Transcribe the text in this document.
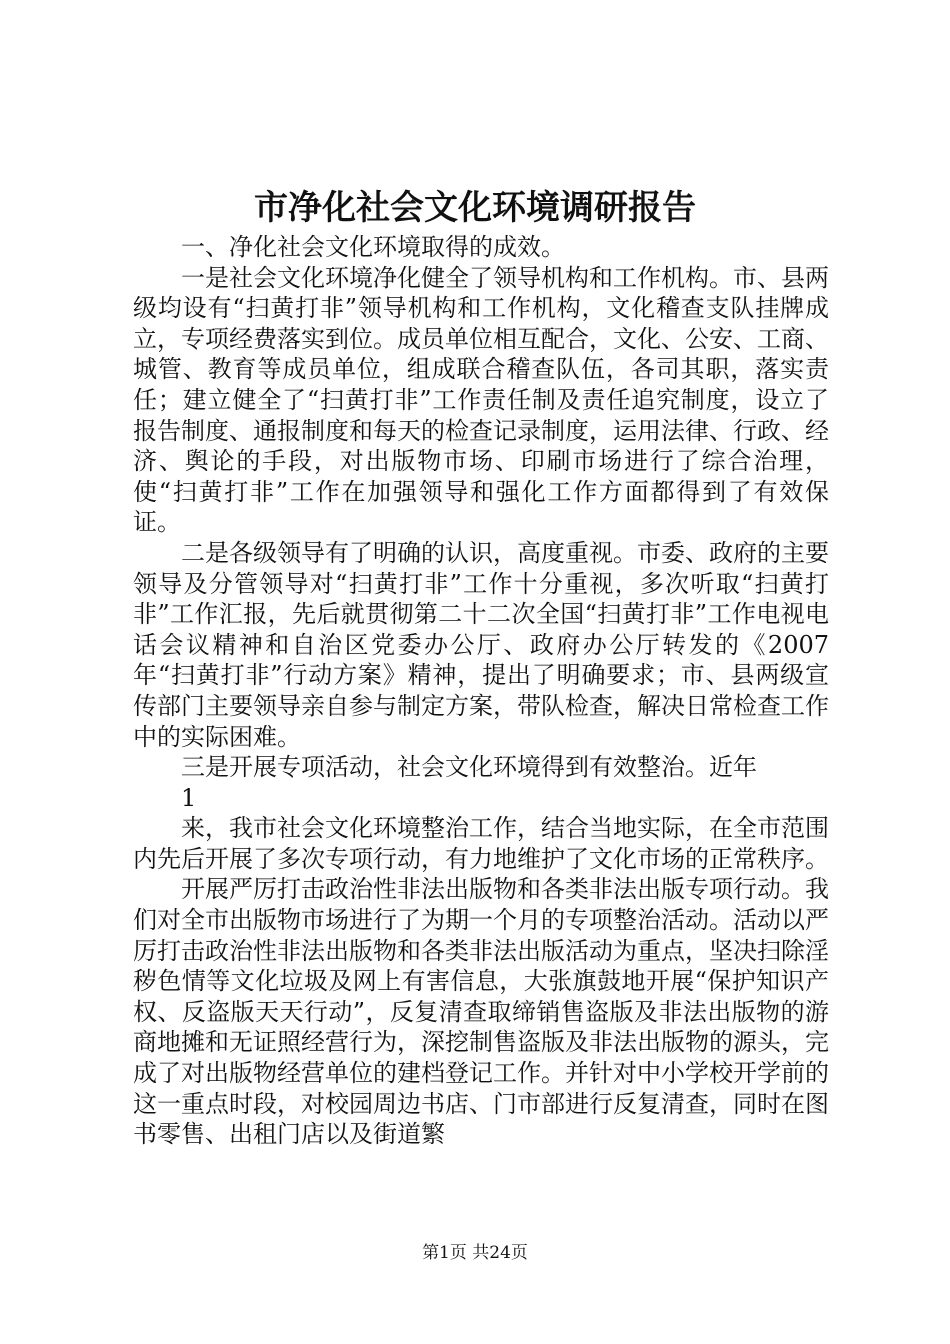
市净化社会文化环境调研报告

一、净化社会文化环境取得的成效。

一是社会文化环境净化健全了领导机构和工作机构。市、县两级均设有“扫黄打非”领导机构和工作机构，文化稽查支队挂牌成立，专项经费落实到位。成员单位相互配合，文化、公安、工商、城管、教育等成员单位，组成联合稽查队伍，各司其职，落实责任；建立健全了“扫黄打非”工作责任制及责任追究制度，设立了报告制度、通报制度和每天的检查记录制度，运用法律、行政、经济、舆论的手段，对出版物市场、印刷市场进行了综合治理，使“扫黄打非”工作在加强领导和强化工作方面都得到了有效保证。

二是各级领导有了明确的认识，高度重视。市委、政府的主要领导及分管领导对“扫黄打非”工作十分重视，多次听取“扫黄打非”工作汇报，先后就贯彻第二十二次全国“扫黄打非”工作电视电话会议精神和自治区党委办公厅、政府办公厅转发的《2007年“扫黄打非”行动方案》精神，提出了明确要求；市、县两级宣传部门主要领导亲自参与制定方案，带队检查，解决日常检查工作中的实际困难。

三是开展专项活动，社会文化环境得到有效整治。近年

1

来，我市社会文化环境整治工作，结合当地实际，在全市范围内先后开展了多次专项行动，有力地维护了文化市场的正常秩序。

开展严厉打击政治性非法出版物和各类非法出版专项行动。我们对全市出版物市场进行了为期一个月的专项整治活动。活动以严厉打击政治性非法出版物和各类非法出版活动为重点，坚决扫除淫秽色情等文化垃圾及网上有害信息，大张旗鼓地开展“保护知识产权、反盗版天天行动”，反复清查取缔销售盗版及非法出版物的游商地摊和无证照经营行为，深挖制售盗版及非法出版物的源头，完成了对出版物经营单位的建档登记工作。并针对中小学校开学前的这一重点时段，对校园周边书店、门市部进行反复清查，同时在图书零售、出租门店以及街道繁

第1页 共24页
